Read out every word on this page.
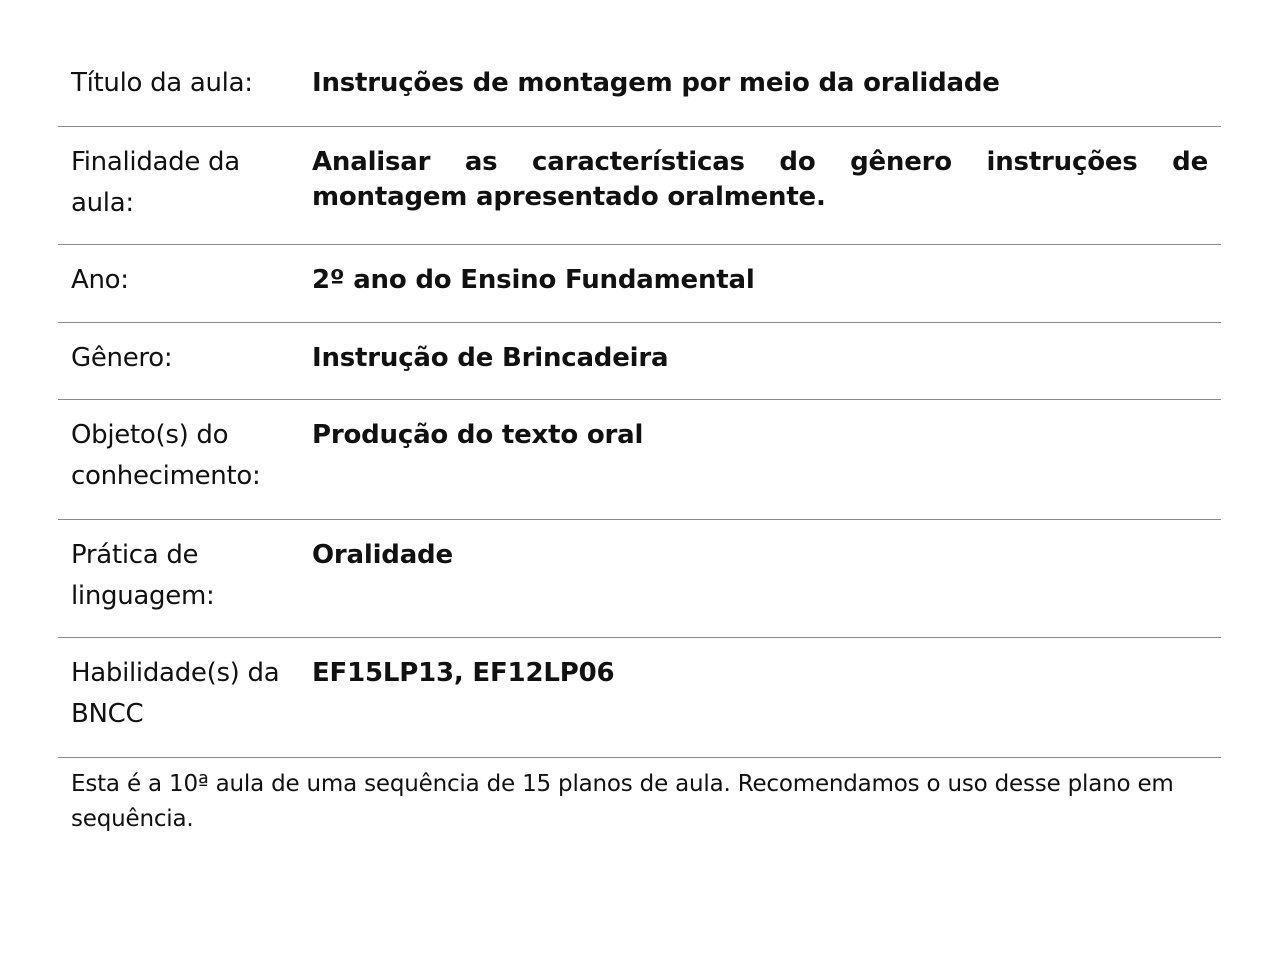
Título da aula:	Instruções de montagem por meio da oralidade
Finalidade da aula:	Analisar as características do gênero instruções de montagem apresentado oralmente.
Ano:	2º ano do Ensino Fundamental
Gênero:	Instrução de Brincadeira
Objeto(s) do conhecimento:	Produção do texto oral
Prática de linguagem:	Oralidade
Habilidade(s) da BNCC	EF15LP13, EF12LP06
Esta é a 10ª aula de uma sequência de 15 planos de aula. Recomendamos o uso desse plano em sequência.
